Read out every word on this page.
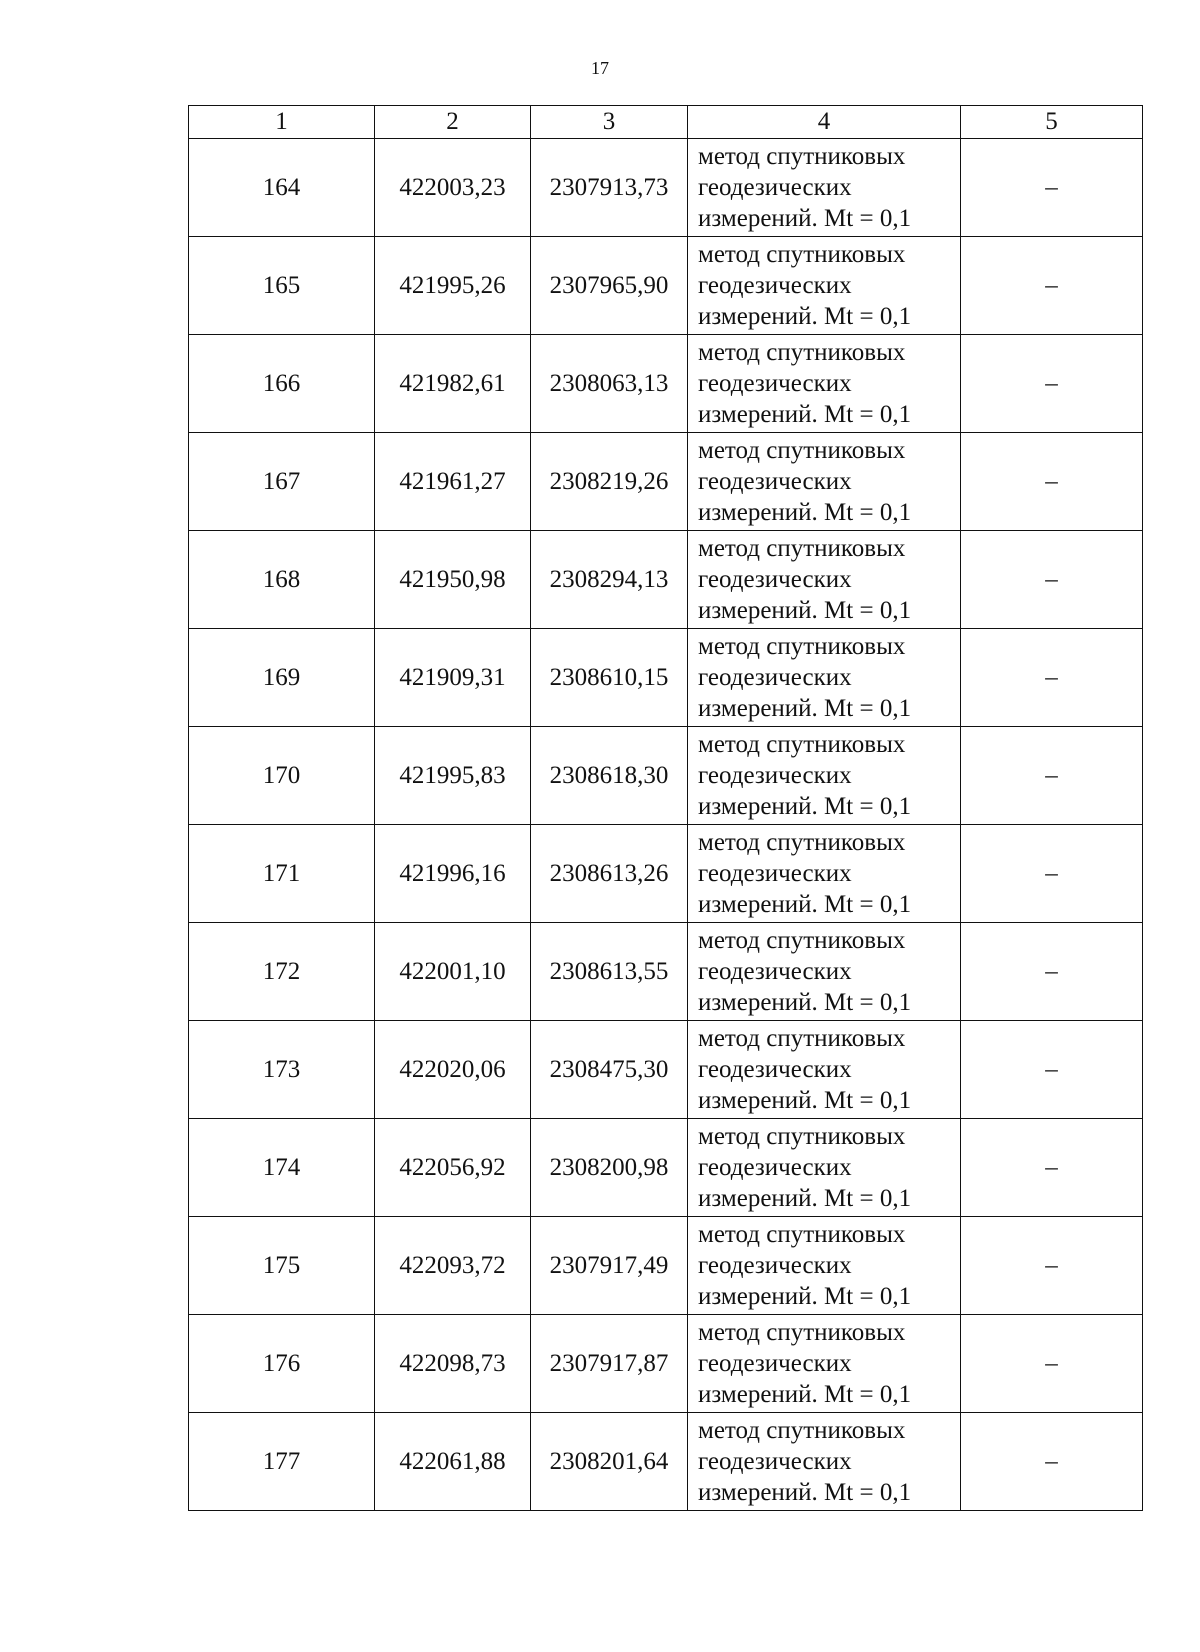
17
1	2	3	4	5
164	422003,23	2307913,73	метод спутниковых
геодезических
измерений. Mt = 0,1	–
165	421995,26	2307965,90	метод спутниковых
геодезических
измерений. Mt = 0,1	–
166	421982,61	2308063,13	метод спутниковых
геодезических
измерений. Mt = 0,1	–
167	421961,27	2308219,26	метод спутниковых
геодезических
измерений. Mt = 0,1	–
168	421950,98	2308294,13	метод спутниковых
геодезических
измерений. Mt = 0,1	–
169	421909,31	2308610,15	метод спутниковых
геодезических
измерений. Mt = 0,1	–
170	421995,83	2308618,30	метод спутниковых
геодезических
измерений. Mt = 0,1	–
171	421996,16	2308613,26	метод спутниковых
геодезических
измерений. Mt = 0,1	–
172	422001,10	2308613,55	метод спутниковых
геодезических
измерений. Mt = 0,1	–
173	422020,06	2308475,30	метод спутниковых
геодезических
измерений. Mt = 0,1	–
174	422056,92	2308200,98	метод спутниковых
геодезических
измерений. Mt = 0,1	–
175	422093,72	2307917,49	метод спутниковых
геодезических
измерений. Mt = 0,1	–
176	422098,73	2307917,87	метод спутниковых
геодезических
измерений. Mt = 0,1	–
177	422061,88	2308201,64	метод спутниковых
геодезических
измерений. Mt = 0,1	–
